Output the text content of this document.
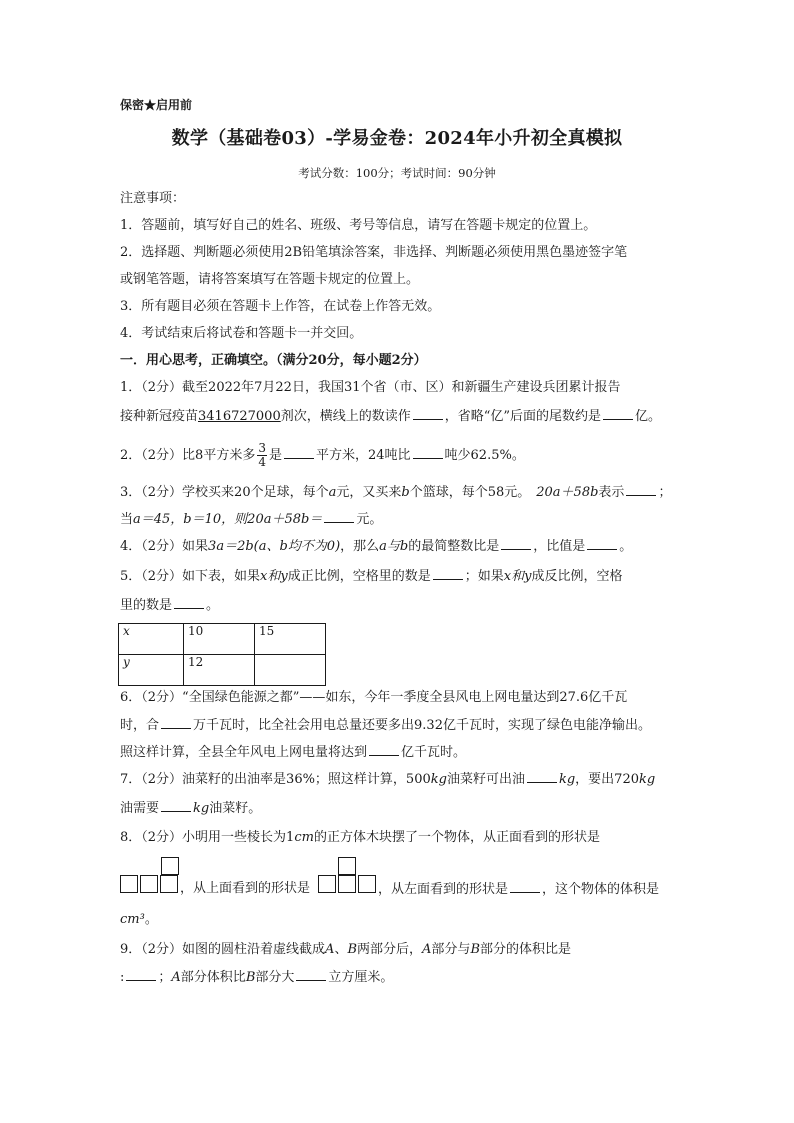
保密★启用前
数学（基础卷03）-学易金卷：2024年小升初全真模拟
考试分数：100分；考试时间：90分钟
注意事项：
1．答题前，填写好自己的姓名、班级、考号等信息，请写在答题卡规定的位置上。
2．选择题、判断题必须使用2B铅笔填涂答案，非选择、判断题必须使用黑色墨迹签字笔
或钢笔答题，请将答案填写在答题卡规定的位置上。
3．所有题目必须在答题卡上作答，在试卷上作答无效。
4．考试结束后将试卷和答题卡一并交回。
一．用心思考，正确填空。（满分20分，每小题2分）
1．（2分）截至2022年7月22日，我国31个省（市、区）和新疆生产建设兵团累计报告
接种新冠疫苗3416727000剂次，横线上的数读作	，省略“亿”后面的尾数约是	亿。
2．（2分）比8平方米多 $\frac{3}{4}$ 是	平方米，24吨比	吨少62.5%。
3．（2分）学校买来20个足球，每个a元，又买来b个篮球，每个58元。 20a＋58b表示	；
当a＝45，b＝10，则20a＋58b＝	元。
4．（2分）如果3a＝2b(a、b均不为0)，那么a与b的最简整数比是	，比值是	。
5．（2分）如下表，如果x和y成正比例，空格里的数是	；如果x和y成反比例，空格
里的数是	。
x	10	15
y	12	
6．（2分）“全国绿色能源之都”——如东，今年一季度全县风电上网电量达到27.6亿千瓦
时，合	万千瓦时，比全社会用电总量还要多出9.32亿千瓦时，实现了绿色电能净输出。
照这样计算，全县全年风电上网电量将达到	亿千瓦时。
7．（2分）油菜籽的出油率是36%；照这样计算，500kg油菜籽可出油	kg，要出720kg
油需要	kg油菜籽。
8．（2分）小明用一些棱长为1cm的正方体木块摆了一个物体，从正面看到的形状是
，从上面看到的形状是	，从左面看到的形状是	，这个物体的体积是
cm³。
9．（2分）如图的圆柱沿着虚线截成A、B两部分后，A部分与B部分的体积比是
:	；A部分体积比B部分大	立方厘米。
